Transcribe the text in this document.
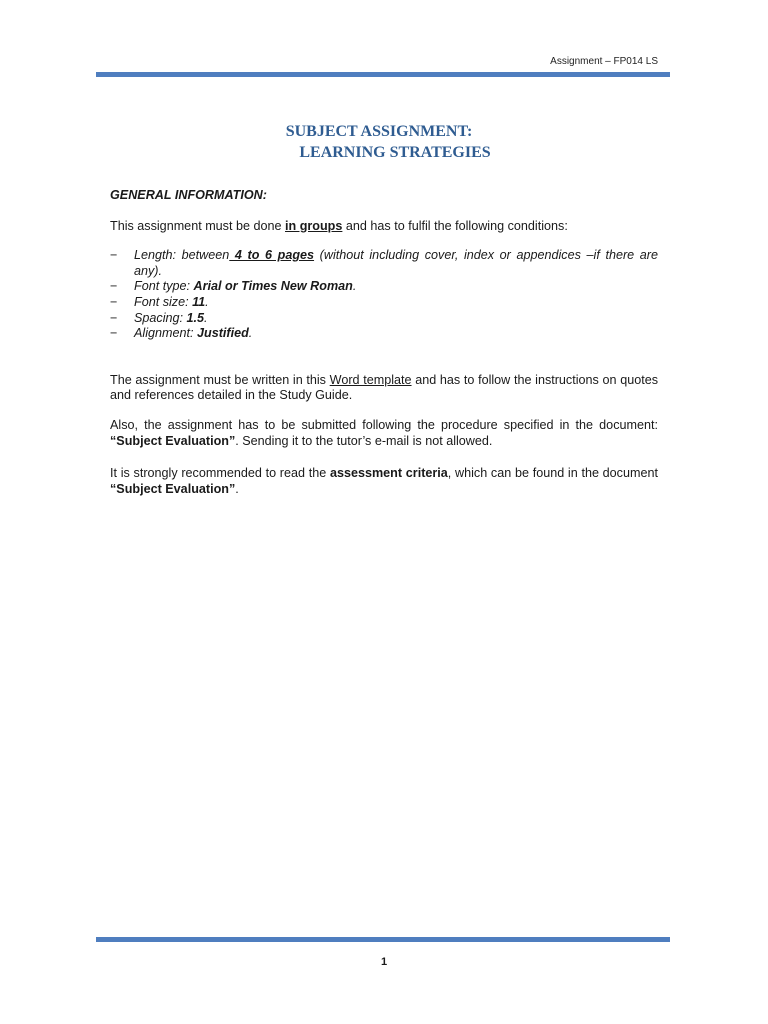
Assignment – FP014 LS
SUBJECT ASSIGNMENT:
LEARNING STRATEGIES

GENERAL INFORMATION:

This assignment must be done in groups and has to fulfil the following conditions:

− Length: between 4 to 6 pages (without including cover, index or appendices –if there are any).
− Font type: Arial or Times New Roman.
− Font size: 11.
− Spacing: 1.5.
− Alignment: Justified.

The assignment must be written in this Word template and has to follow the instructions on quotes and references detailed in the Study Guide.

Also, the assignment has to be submitted following the procedure specified in the document: “Subject Evaluation”. Sending it to the tutor’s e-mail is not allowed.

It is strongly recommended to read the assessment criteria, which can be found in the document “Subject Evaluation”.

1
